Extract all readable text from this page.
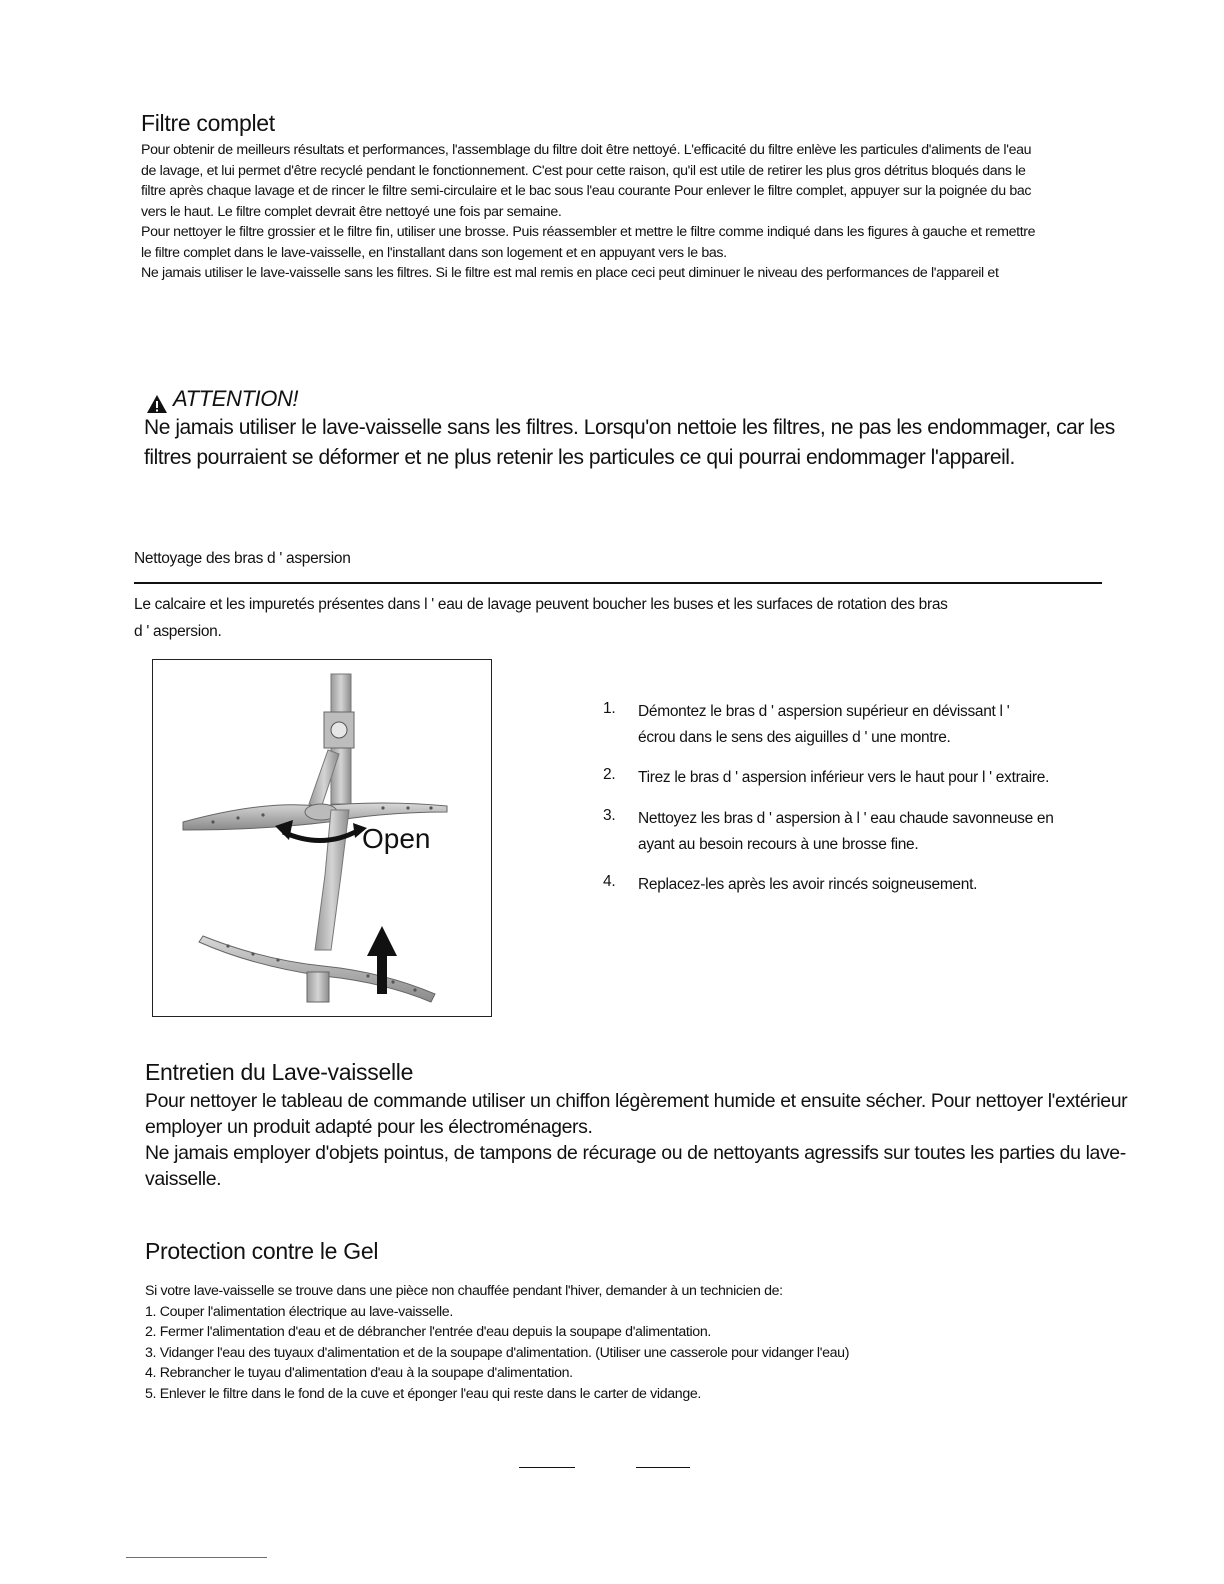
Filtre complet

Pour obtenir de meilleurs résultats et performances, l'assemblage du filtre doit être nettoyé. L'efficacité du filtre enlève les particules d'aliments de l'eau

de lavage, et lui permet d'être recyclé pendant le fonctionnement. C'est pour cette raison, qu'il est utile de retirer les plus gros détritus bloqués dans le

filtre après chaque lavage et de rincer le filtre semi-circulaire et le bac sous l'eau courante Pour enlever le filtre complet, appuyer sur la poignée du bac

vers le haut. Le filtre complet devrait être nettoyé une fois par semaine.

Pour nettoyer le filtre grossier et le filtre fin, utiliser une brosse. Puis réassembler et mettre le filtre comme indiqué dans les figures à gauche et remettre

le filtre complet dans le lave-vaisselle, en l'installant dans son logement et en appuyant vers le bas.

Ne jamais utiliser le lave-vaisselle sans les filtres. Si le filtre est mal remis en place ceci peut diminuer le niveau des performances de l'appareil et

ATTENTION!

Ne jamais utiliser le lave-vaisselle sans les filtres. Lorsqu'on nettoie les filtres, ne pas les endommager, car les

filtres pourraient se déformer et ne plus retenir les particules ce qui pourrai endommager l'appareil.

Nettoyage des bras d ' aspersion

Le calcaire et les impuretés présentes dans l ' eau de lavage peuvent boucher les buses et les surfaces de rotation des bras

d ' aspersion.

Open
1. Démontez le bras d ' aspersion supérieur en dévissant l '
écrou dans le sens des aiguilles d ' une montre.
2. Tirez le bras d ' aspersion inférieur vers le haut pour l ' extraire.
3. Nettoyez les bras d ' aspersion à l ' eau chaude savonneuse en
ayant au besoin recours à une brosse fine.
4. Replacez-les après les avoir rincés soigneusement.
Entretien du Lave-vaisselle

Pour nettoyer le tableau de commande utiliser un chiffon légèrement humide et ensuite sécher. Pour nettoyer l'extérieur

employer un produit adapté pour les électroménagers.

Ne jamais employer d'objets pointus, de tampons de récurage ou de nettoyants agressifs sur toutes les parties du lave-

vaisselle.

Protection contre le Gel

Si votre lave-vaisselle se trouve dans une pièce non chauffée pendant l'hiver, demander à un technicien de:

1. Couper l'alimentation électrique au lave-vaisselle.

2. Fermer l'alimentation d'eau et de débrancher l'entrée d'eau depuis la soupape d'alimentation.

3. Vidanger l'eau des tuyaux d'alimentation et de la soupape d'alimentation. (Utiliser une casserole pour vidanger l'eau)

4. Rebrancher le tuyau d'alimentation d'eau à la soupape d'alimentation.

5. Enlever le filtre dans le fond de la cuve et éponger l'eau qui reste dans le carter de vidange.
